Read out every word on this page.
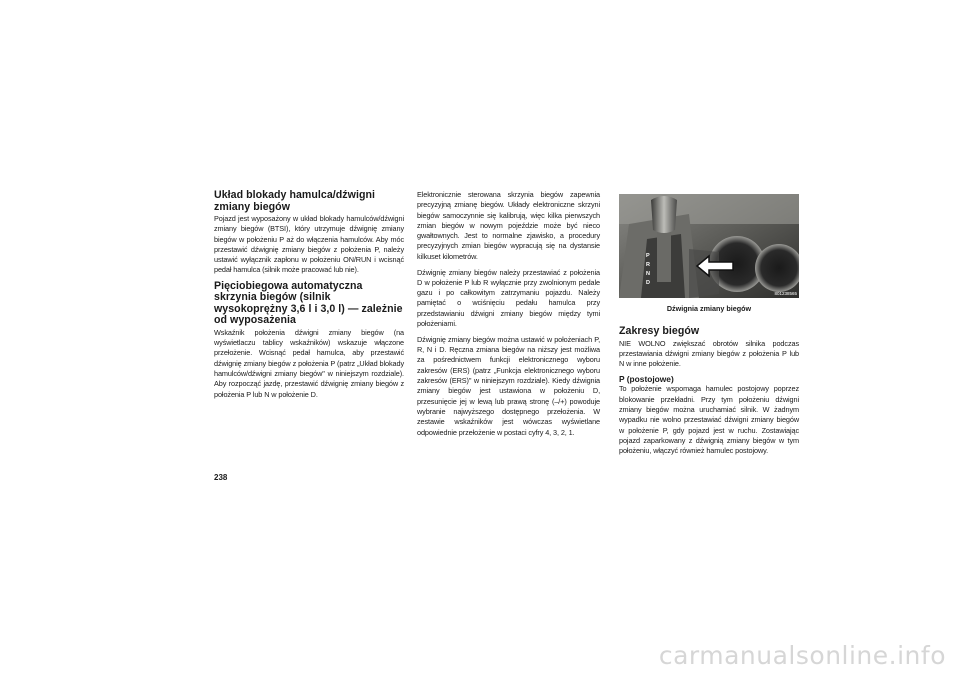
Układ blokady hamulca/dźwigni zmiany biegów

Pojazd jest wyposażony w układ blokady hamulców/dźwigni zmiany biegów (BTSI), który utrzymuje dźwignię zmiany biegów w położeniu P aż do włączenia hamulców. Aby móc przestawić dźwignię zmiany biegów z położenia P, należy ustawić wyłącznik zapłonu w położeniu ON/RUN i wcisnąć pedał hamulca (silnik może pracować lub nie).

Pięciobiegowa automatyczna skrzynia biegów (silnik wysokoprężny 3,6 l i 3,0 l) — zależnie od wyposażenia

Wskaźnik położenia dźwigni zmiany biegów (na wyświetlaczu tablicy wskaźników) wskazuje włączone przełożenie. Wcisnąć pedał hamulca, aby przestawić dźwignię zmiany biegów z położenia P (patrz „Układ blokady hamulców/dźwigni zmiany biegów" w niniejszym rozdziale). Aby rozpocząć jazdę, przestawić dźwignię zmiany biegów z położenia P lub N w położenie D.

Elektronicznie sterowana skrzynia biegów zapewnia precyzyjną zmianę biegów. Układy elektroniczne skrzyni biegów samoczynnie się kalibrują, więc kilka pierwszych zmian biegów w nowym pojeździe może być nieco gwałtownych. Jest to normalne zjawisko, a procedury precyzyjnych zmian biegów wypracują się na dystansie kilkuset kilometrów.

Dźwignię zmiany biegów należy przestawiać z położenia D w położenie P lub R wyłącznie przy zwolnionym pedale gazu i po całkowitym zatrzymaniu pojazdu. Należy pamiętać o wciśnięciu pedału hamulca przy przedstawianiu dźwigni zmiany biegów między tymi położeniami.

Dźwignię zmiany biegów można ustawić w położeniach P, R, N i D. Ręczna zmiana biegów na niższy jest możliwa za pośrednictwem funkcji elektronicznego wyboru zakresów (ERS) (patrz „Funkcja elektronicznego wyboru zakresów (ERS)" w niniejszym rozdziale). Kiedy dźwignia zmiany biegów jest ustawiona w położeniu D, przesunięcie jej w lewą lub prawą stronę (–/+) powoduje wybranie najwyższego dostępnego przełożenia. W zestawie wskaźników jest wówczas wyświetlane odpowiednie przełożenie w postaci cyfry 4, 3, 2, 1.

P
R
N
D
801238565
Dźwignia zmiany biegów
Zakresy biegów

NIE WOLNO zwiększać obrotów silnika podczas przestawiania dźwigni zmiany biegów z położenia P lub N w inne położenie.

P (postojowe)

To położenie wspomaga hamulec postojowy poprzez blokowanie przekładni. Przy tym położeniu dźwigni zmiany biegów można uruchamiać silnik. W żadnym wypadku nie wolno przestawiać dźwigni zmiany biegów w położenie P, gdy pojazd jest w ruchu. Zostawiając pojazd zaparkowany z dźwignią zmiany biegów w tym położeniu, włączyć również hamulec postojowy.

238
carmanualsonline.info
